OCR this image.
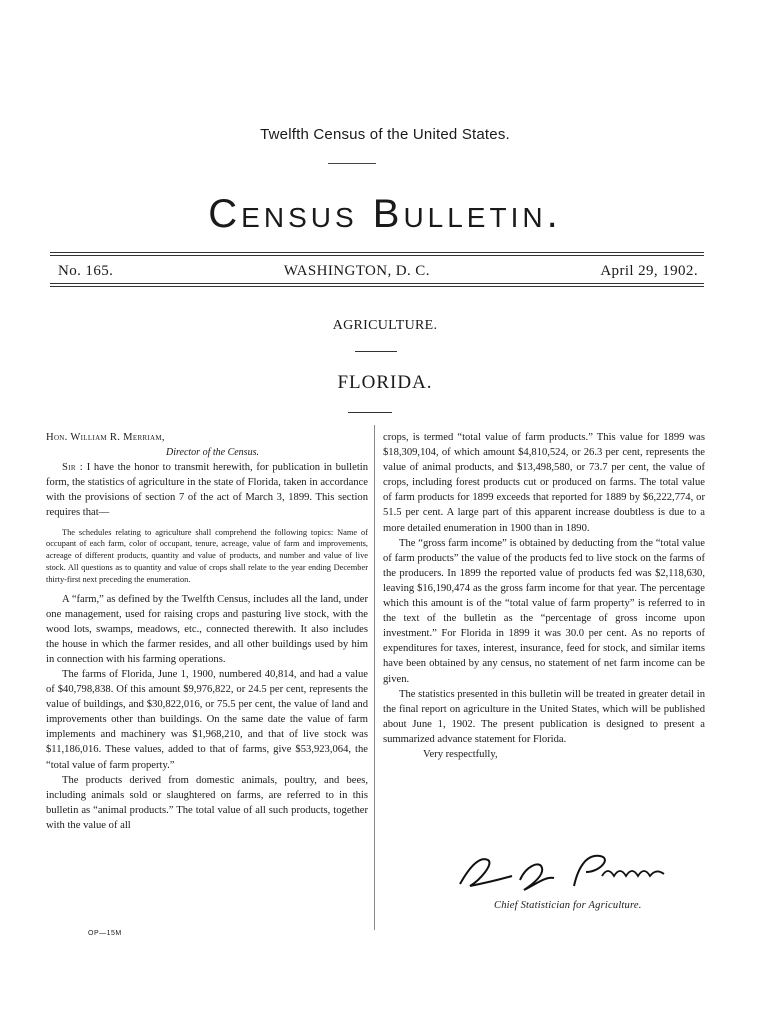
Twelfth Census of the United States.
Census Bulletin.
No. 165.	WASHINGTON, D. C.	April 29, 1902.
AGRICULTURE.
FLORIDA.

Hon. William R. Merriam,

Director of the Census.

Sir : I have the honor to transmit herewith, for publication in bulletin form, the statistics of agriculture in the state of Florida, taken in accordance with the provisions of section 7 of the act of March 3, 1899. This section requires that—

The schedules relating to agriculture shall comprehend the following topics: Name of occupant of each farm, color of occupant, tenure, acreage, value of farm and improvements, acreage of different products, quantity and value of products, and number and value of live stock. All questions as to quantity and value of crops shall relate to the year ending December thirty-first next preceding the enumeration.

A “farm,” as defined by the Twelfth Census, includes all the land, under one management, used for raising crops and pasturing live stock, with the wood lots, swamps, meadows, etc., connected therewith. It also includes the house in which the farmer resides, and all other buildings used by him in connection with his farming operations.

The farms of Florida, June 1, 1900, numbered 40,814, and had a value of $40,798,838. Of this amount $9,976,822, or 24.5 per cent, represents the value of buildings, and $30,822,016, or 75.5 per cent, the value of land and improvements other than buildings. On the same date the value of farm implements and machinery was $1,968,210, and that of live stock was $11,186,016. These values, added to that of farms, give $53,923,064, the “total value of farm property.”

The products derived from domestic animals, poultry, and bees, including animals sold or slaughtered on farms, are referred to in this bulletin as “animal products.” The total value of all such products, together with the value of all

crops, is termed “total value of farm products.” This value for 1899 was $18,309,104, of which amount $4,810,524, or 26.3 per cent, represents the value of animal products, and $13,498,580, or 73.7 per cent, the value of crops, including forest products cut or produced on farms. The total value of farm products for 1899 exceeds that reported for 1889 by $6,222,774, or 51.5 per cent. A large part of this apparent increase doubtless is due to a more detailed enumeration in 1900 than in 1890.

The “gross farm income” is obtained by deducting from the “total value of farm products” the value of the products fed to live stock on the farms of the producers. In 1899 the reported value of products fed was $2,118,630, leaving $16,190,474 as the gross farm income for that year. The percentage which this amount is of the “total value of farm property” is referred to in the text of the bulletin as the “percentage of gross income upon investment.” For Florida in 1899 it was 30.0 per cent. As no reports of expenditures for taxes, interest, insurance, feed for stock, and similar items have been obtained by any census, no statement of net farm income can be given.

The statistics presented in this bulletin will be treated in greater detail in the final report on agriculture in the United States, which will be published about June 1, 1902. The present publication is designed to present a summarized advance statement for Florida.

Very respectfully,

Chief Statistician for Agriculture.
OP—15M
